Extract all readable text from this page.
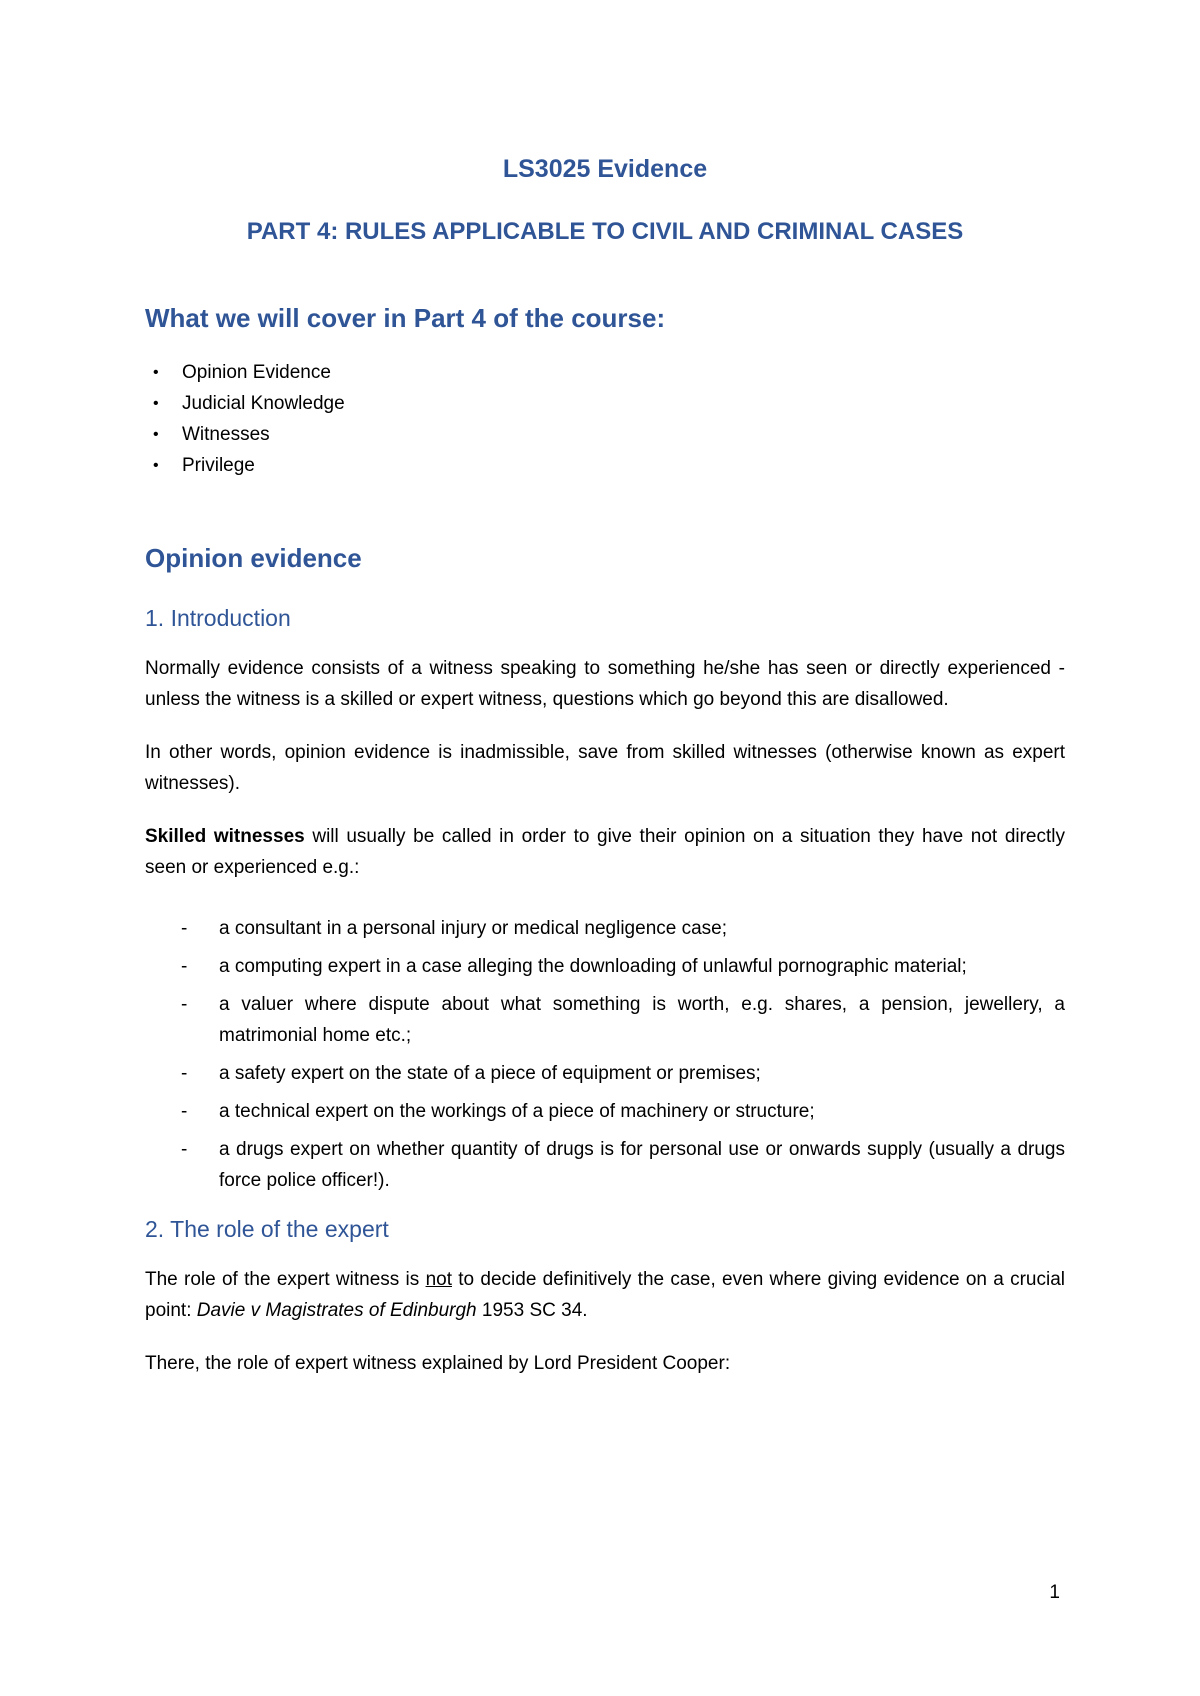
LS3025 Evidence
PART 4: RULES APPLICABLE TO CIVIL AND CRIMINAL CASES
What we will cover in Part 4 of the course:
• Opinion Evidence
• Judicial Knowledge
• Witnesses
• Privilege
Opinion evidence
1. Introduction

Normally evidence consists of a witness speaking to something he/she has seen or directly experienced - unless the witness is a skilled or expert witness, questions which go beyond this are disallowed.

In other words, opinion evidence is inadmissible, save from skilled witnesses (otherwise known as expert witnesses).

Skilled witnesses will usually be called in order to give their opinion on a situation they have not directly seen or experienced e.g.:

- a consultant in a personal injury or medical negligence case;
- a computing expert in a case alleging the downloading of unlawful pornographic material;
- a valuer where dispute about what something is worth, e.g. shares, a pension, jewellery, a matrimonial home etc.;
- a safety expert on the state of a piece of equipment or premises;
- a technical expert on the workings of a piece of machinery or structure;
- a drugs expert on whether quantity of drugs is for personal use or onwards supply (usually a drugs force police officer!).
2. The role of the expert

The role of the expert witness is not to decide definitively the case, even where giving evidence on a crucial point: Davie v Magistrates of Edinburgh 1953 SC 34.

There, the role of expert witness explained by Lord President Cooper:

1
